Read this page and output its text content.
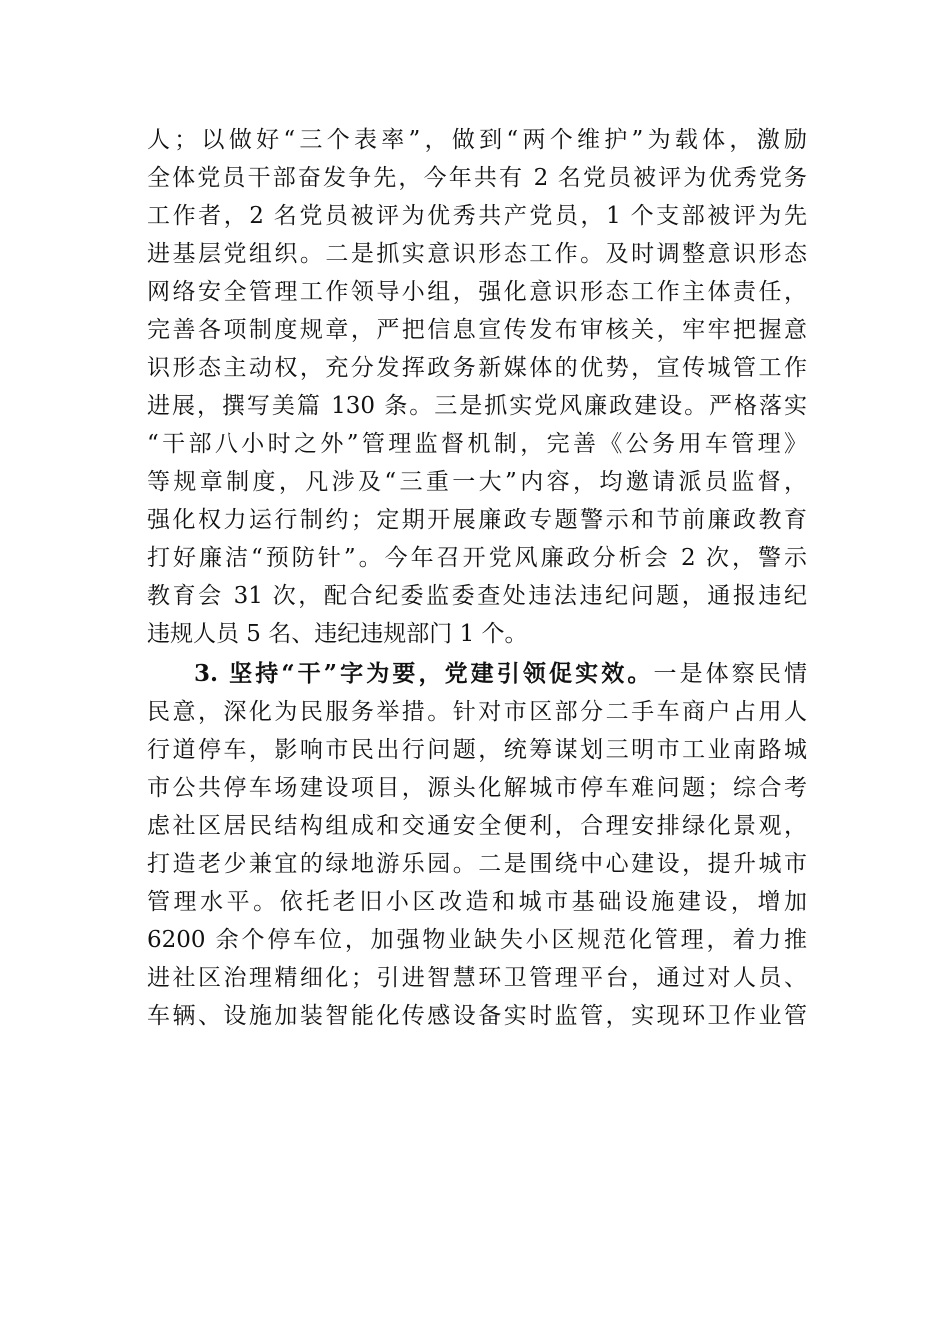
人；以做好“三个表率”，做到“两个维护”为载体，激励
全体党员干部奋发争先，今年共有 2 名党员被评为优秀党务
工作者，2 名党员被评为优秀共产党员，1 个支部被评为先
进基层党组织。二是抓实意识形态工作。及时调整意识形态
网络安全管理工作领导小组，强化意识形态工作主体责任，
完善各项制度规章，严把信息宣传发布审核关，牢牢把握意
识形态主动权，充分发挥政务新媒体的优势，宣传城管工作
进展，撰写美篇 130 条。三是抓实党风廉政建设。严格落实
“干部八小时之外”管理监督机制，完善《公务用车管理》
等规章制度，凡涉及“三重一大”内容，均邀请派员监督，
强化权力运行制约；定期开展廉政专题警示和节前廉政教育
打好廉洁“预防针”。今年召开党风廉政分析会 2 次，警示
教育会 31 次，配合纪委监委查处违法违纪问题，通报违纪
违规人员 5 名、违纪违规部门 1 个。
3. 坚持“干”字为要，党建引领促实效。一是体察民情
民意，深化为民服务举措。针对市区部分二手车商户占用人
行道停车，影响市民出行问题，统筹谋划三明市工业南路城
市公共停车场建设项目，源头化解城市停车难问题；综合考
虑社区居民结构组成和交通安全便利，合理安排绿化景观，
打造老少兼宜的绿地游乐园。二是围绕中心建设，提升城市
管理水平。依托老旧小区改造和城市基础设施建设，增加
6200 余个停车位，加强物业缺失小区规范化管理，着力推
进社区治理精细化；引进智慧环卫管理平台，通过对人员、
车辆、设施加装智能化传感设备实时监管，实现环卫作业管
